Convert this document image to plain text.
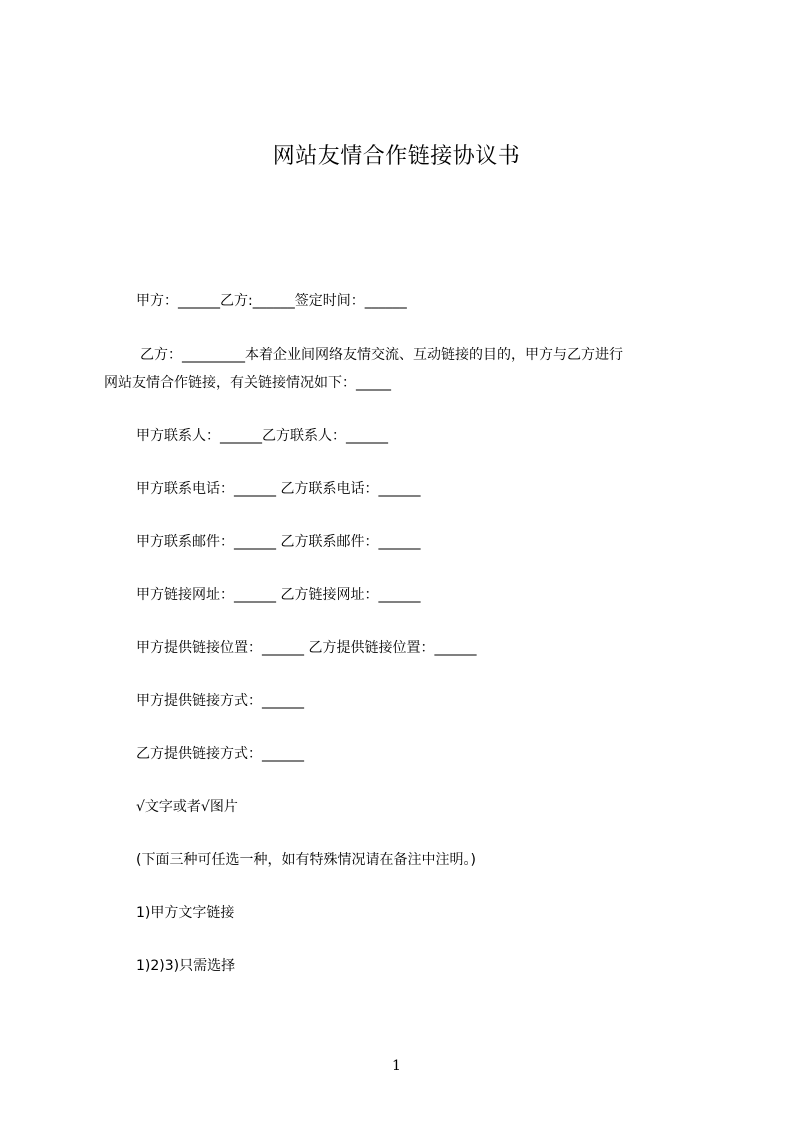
网站友情合作链接协议书
甲方：______乙方:______签定时间：______
乙方：_________本着企业间网络友情交流、互动链接的目的，甲方与乙方进行
网站友情合作链接，有关链接情况如下：_____
甲方联系人：______乙方联系人：______
甲方联系电话：______ 乙方联系电话：______
甲方联系邮件：______ 乙方联系邮件：______
甲方链接网址：______ 乙方链接网址：______
甲方提供链接位置：______ 乙方提供链接位置：______
甲方提供链接方式：______
乙方提供链接方式：______
√文字或者√图片
(下面三种可任选一种，如有特殊情况请在备注中注明。)
1)甲方文字链接
1)2)3)只需选择
1
